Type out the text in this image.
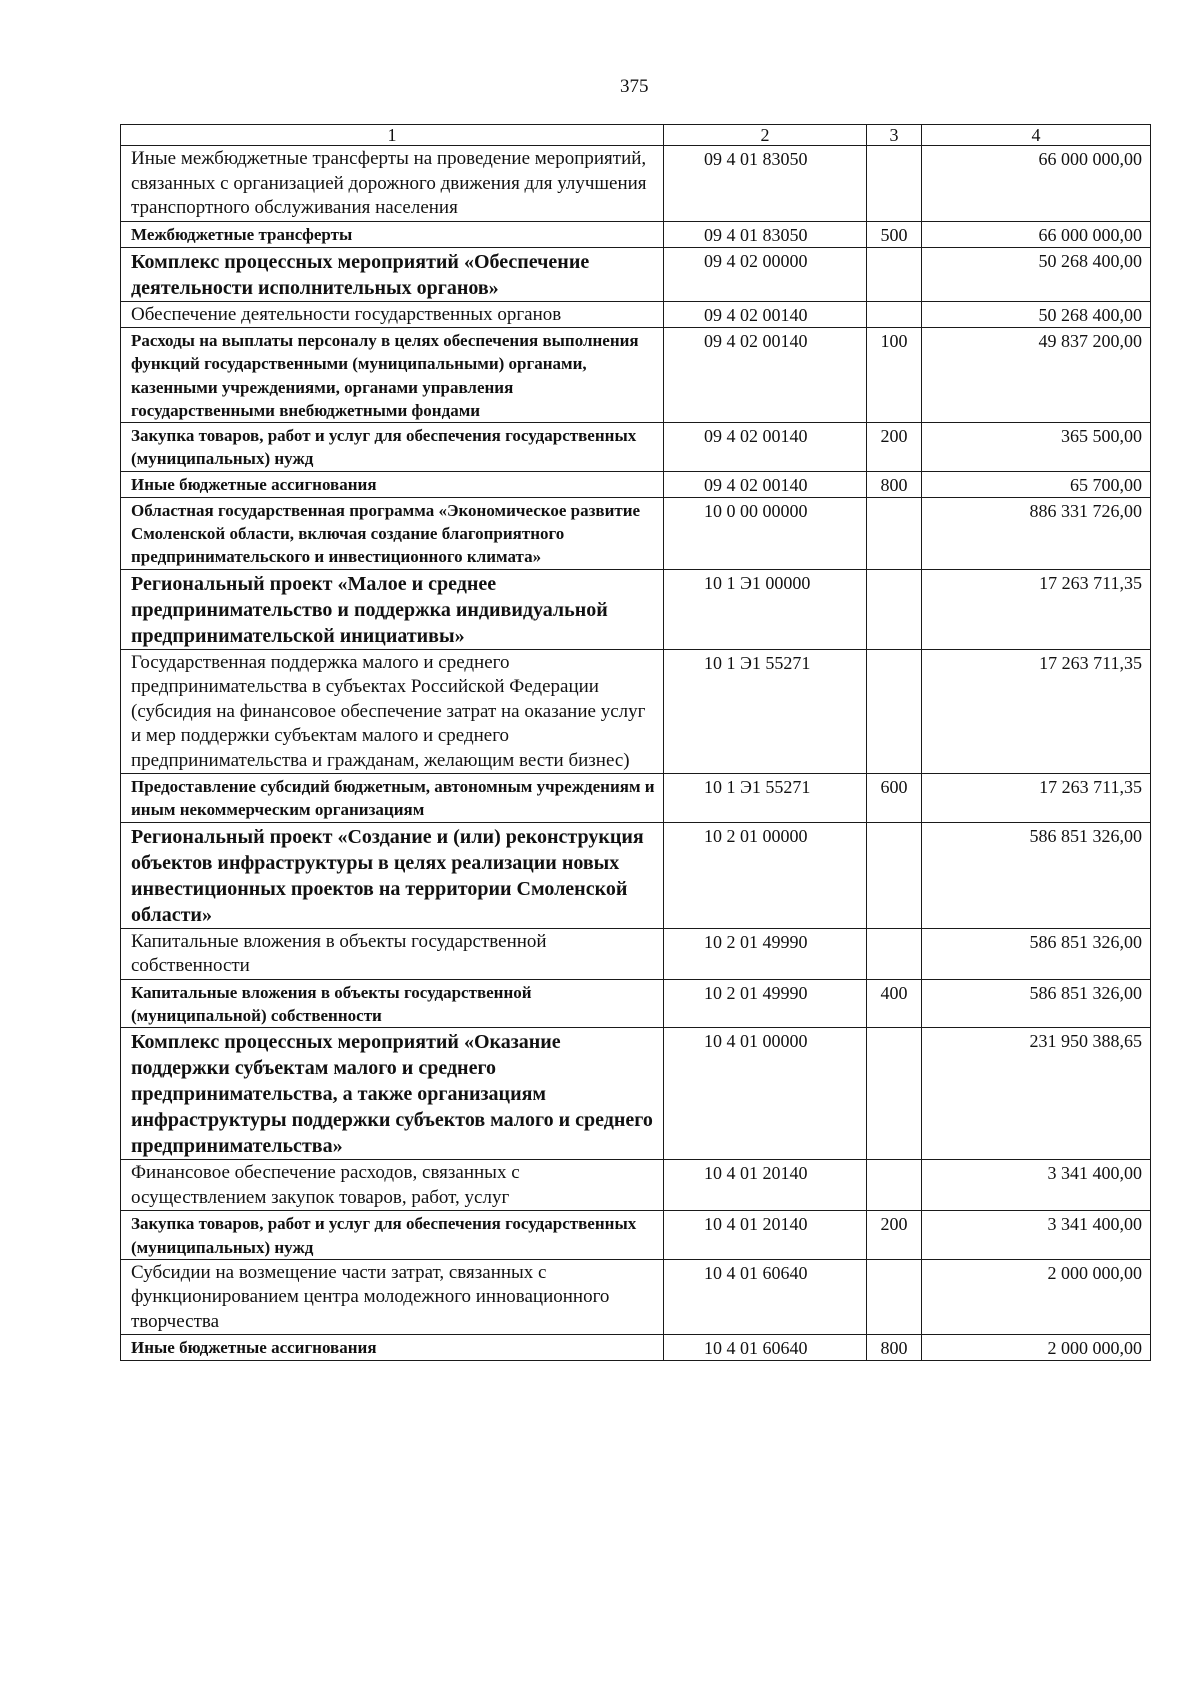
375
1	2	3	4
Иные межбюджетные трансферты на проведение мероприятий, связанных с организацией дорожного движения для улучшения транспортного обслуживания населения	09 4 01 83050		66 000 000,00
Межбюджетные трансферты	09 4 01 83050	500	66 000 000,00
Комплекс процессных мероприятий «Обеспечение деятельности исполнительных органов»	09 4 02 00000		50 268 400,00
Обеспечение деятельности государственных органов	09 4 02 00140		50 268 400,00
Расходы на выплаты персоналу в целях обеспечения выполнения функций государственными (муниципальными) органами, казенными учреждениями, органами управления государственными внебюджетными фондами	09 4 02 00140	100	49 837 200,00
Закупка товаров, работ и услуг для обеспечения государственных (муниципальных) нужд	09 4 02 00140	200	365 500,00
Иные бюджетные ассигнования	09 4 02 00140	800	65 700,00
Областная государственная программа «Экономическое развитие Смоленской области, включая создание благоприятного предпринимательского и инвестиционного климата»	10 0 00 00000		886 331 726,00
Региональный проект «Малое и среднее предпринимательство и поддержка индивидуальной предпринимательской инициативы»	10 1 Э1 00000		17 263 711,35
Государственная поддержка малого и среднего предпринимательства в субъектах Российской Федерации (субсидия на финансовое обеспечение затрат на оказание услуг и мер поддержки субъектам малого и среднего предпринимательства и гражданам, желающим вести бизнес)	10 1 Э1 55271		17 263 711,35
Предоставление субсидий бюджетным, автономным учреждениям и иным некоммерческим организациям	10 1 Э1 55271	600	17 263 711,35
Региональный проект «Создание и (или) реконструкция объектов инфраструктуры в целях реализации новых инвестиционных проектов на территории Смоленской области»	10 2 01 00000		586 851 326,00
Капитальные вложения в объекты государственной собственности	10 2 01 49990		586 851 326,00
Капитальные вложения в объекты государственной (муниципальной) собственности	10 2 01 49990	400	586 851 326,00
Комплекс процессных мероприятий «Оказание поддержки субъектам малого и среднего предпринимательства, а также организациям инфраструктуры поддержки субъектов малого и среднего предпринимательства»	10 4 01 00000		231 950 388,65
Финансовое обеспечение расходов, связанных с осуществлением закупок товаров, работ, услуг	10 4 01 20140		3 341 400,00
Закупка товаров, работ и услуг для обеспечения государственных (муниципальных) нужд	10 4 01 20140	200	3 341 400,00
Субсидии на возмещение части затрат, связанных с функционированием центра молодежного инновационного творчества	10 4 01 60640		2 000 000,00
Иные бюджетные ассигнования	10 4 01 60640	800	2 000 000,00
